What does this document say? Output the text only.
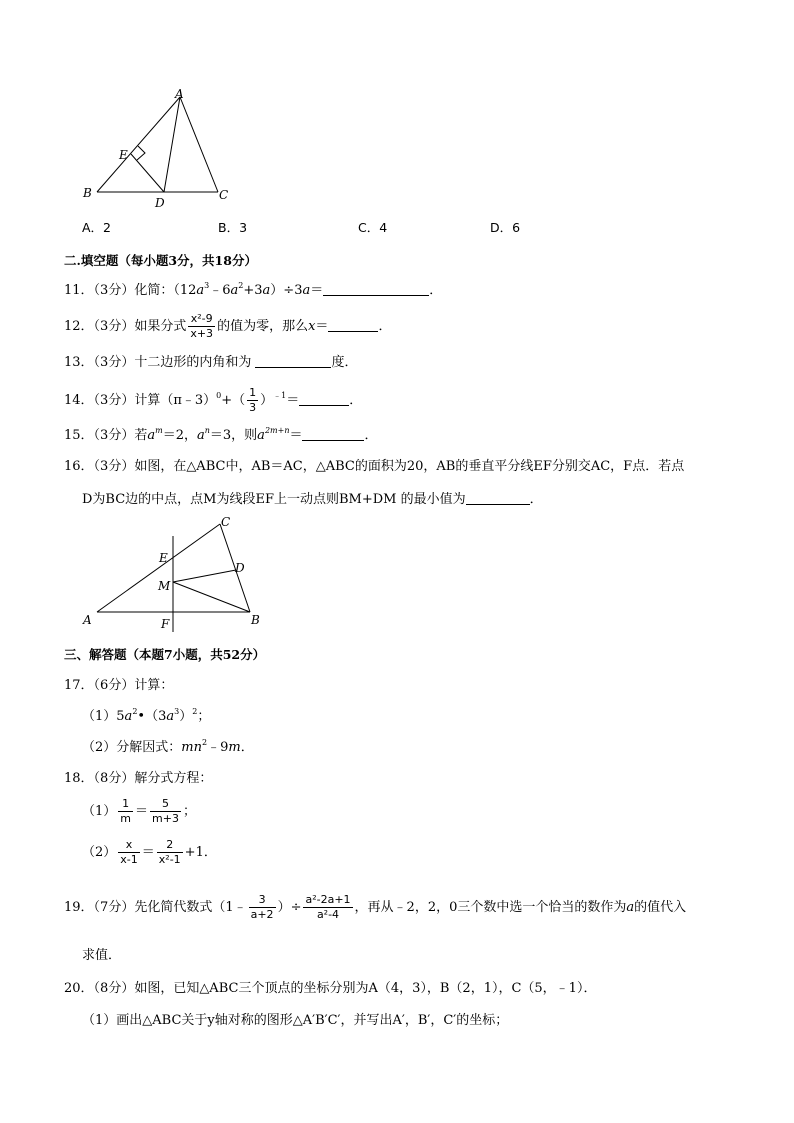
A
E
B
D
C
A．2	B．3	C．4	D．6
二.填空题（每小题3分，共18分）
11．（3分）化简：$(12a^3﹣6a^2+3a)\div 3a=$	．
12．（3分）如果分式 $\frac{\text{x²-9}}{x+3}$ 的值为零，那么x＝	．
13．（3分）十二边形的内角和为	度．
14．（3分）计算（π﹣3）$^0$+（ $\frac{1}{3} )^{﹣1}=$	．
15．（3分）若$a^m=2$，$a^n=3$，则$a^{2m+n}=$	．
16．（3分）如图，在△ABC中，AB＝AC，△ABC的面积为20，AB的垂直平分线EF分别交AC，F点．若点
D为BC边的中点，点M为线段EF上一动点则BM+DM 的最小值为	．
C
E
D
M
A	F	B
三、解答题（本题7小题，共52分）
17．（6分）计算：
$(1)5a^2•(3a^3)^2$；
（2）分解因式：$mn^2﹣9m$．
18．（8分）解分式方程：
$(1) \frac{1}{m} = \frac{5}{m+3}$ ；
$(2) \frac{x}{x-1} = \frac{2}{\text{x²-1}} +1$．
19．（7分）先化简代数式（1﹣ $\frac{3}{a+2}$ ）÷ $\frac{\text{a²-2a+1}}{\text{a²-4}}$ ，再从﹣2，2，0三个数中选一个恰当的数作为a的值代入
求值．
20．（8分）如图，已知△ABC三个顶点的坐标分别为A（4，3），B（2，1），C（5，﹣1）．
（1）画出△ABC关于y轴对称的图形△A′B′C′，并写出A′，B′，C′的坐标；
